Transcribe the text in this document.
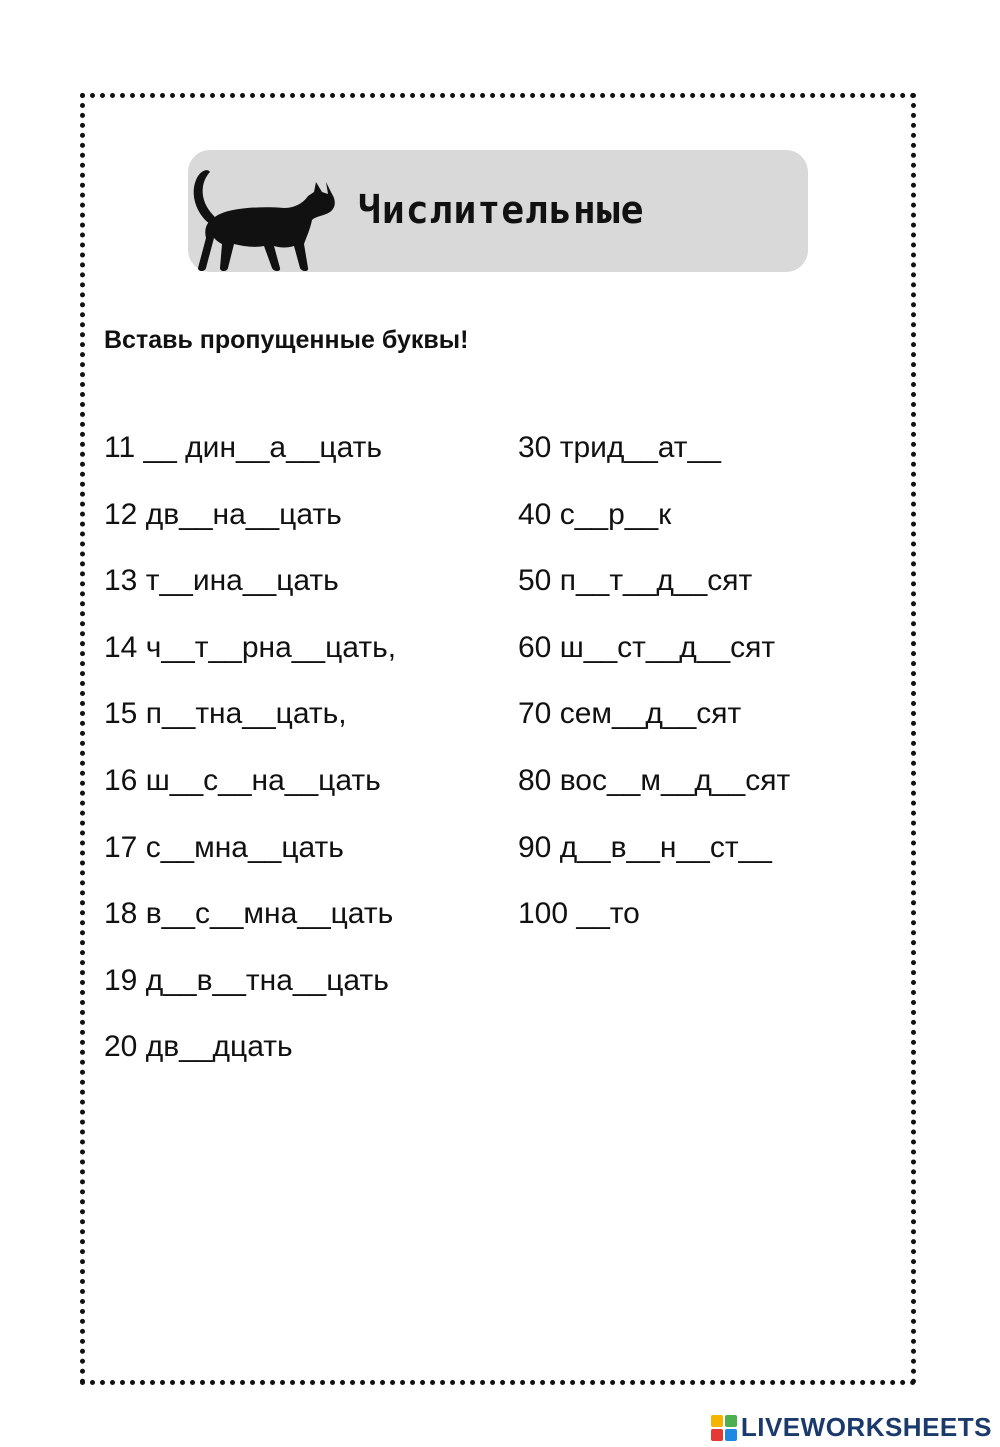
Числительные
Вставь пропущенные буквы!
11 __ дин__а__цать
12 дв__на__цать
13 т__ина__цать
14 ч__т__рна__цать,
15 п__тна__цать,
16 ш__с__на__цать
17 с__мна__цать
18 в__с__мна__цать
19 д__в__тна__цать
20 дв__дцать
30 трид__ат__
40 с__р__к
50 п__т__д__сят
60 ш__ст__д__сят
70 сем__д__сят
80 вос__м__д__сят
90 д__в__н__ст__
100 __то
LIVEWORKSHEETS
